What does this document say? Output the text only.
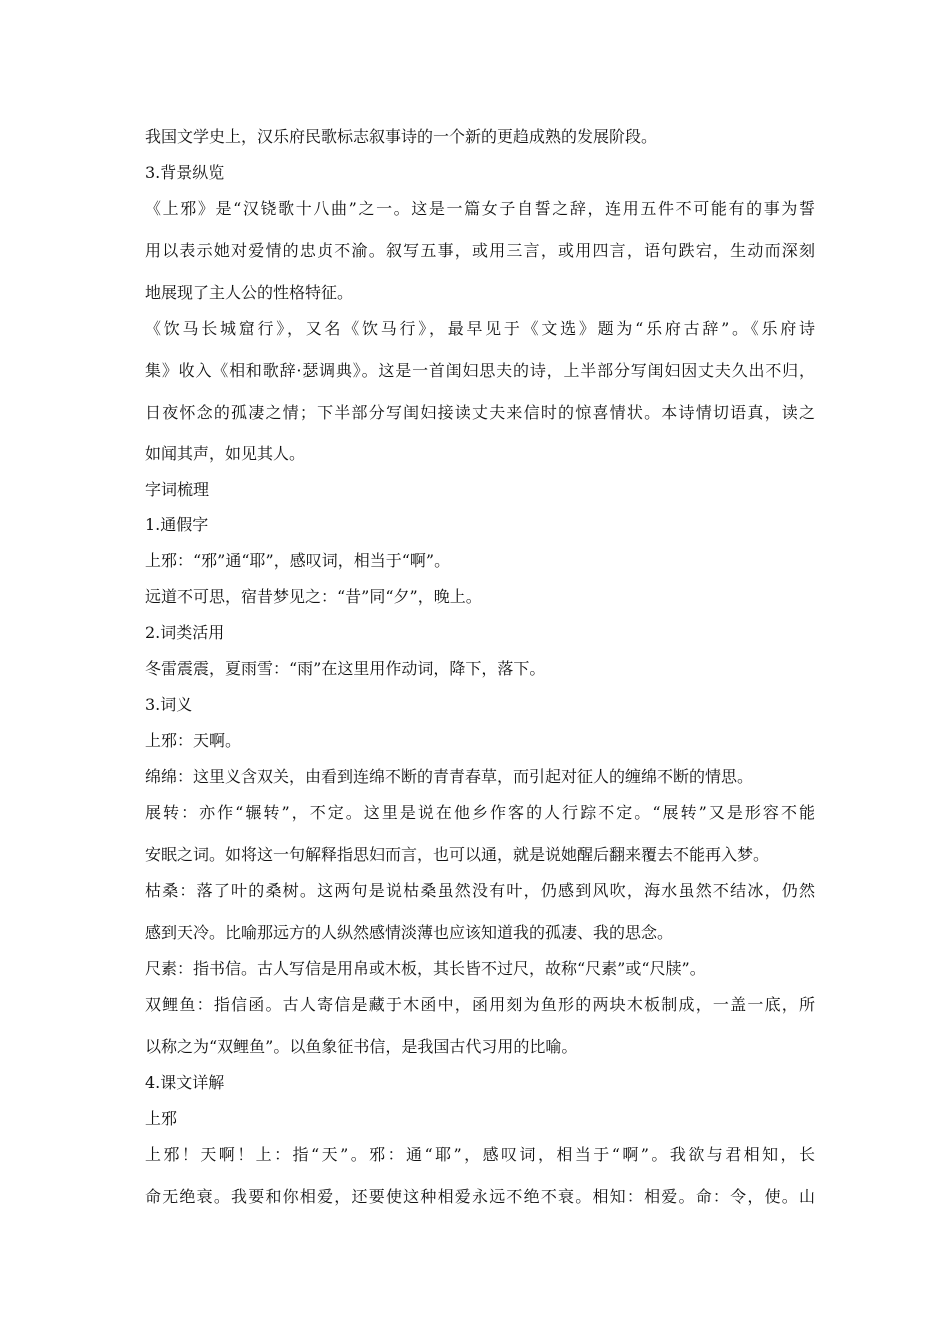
我国文学史上，汉乐府民歌标志叙事诗的一个新的更趋成熟的发展阶段。
3.背景纵览
《上邪》是“汉铙歌十八曲”之一。这是一篇女子自誓之辞，连用五件不可能有的事为誓
用以表示她对爱情的忠贞不渝。叙写五事，或用三言，或用四言，语句跌宕，生动而深刻
地展现了主人公的性格特征。
《饮马长城窟行》，又名《饮马行》，最早见于《文选》题为“乐府古辞”。《乐府诗
集》收入《相和歌辞·瑟调典》。这是一首闺妇思夫的诗，上半部分写闺妇因丈夫久出不归，
日夜怀念的孤凄之情；下半部分写闺妇接读丈夫来信时的惊喜情状。本诗情切语真，读之
如闻其声，如见其人。
字词梳理
1.通假字
上邪：“邪”通“耶”，感叹词，相当于“啊”。
远道不可思，宿昔梦见之：“昔”同“夕”，晚上。
2.词类活用
冬雷震震，夏雨雪：“雨”在这里用作动词，降下，落下。
3.词义
上邪：天啊。
绵绵：这里义含双关，由看到连绵不断的青青春草，而引起对征人的缠绵不断的情思。
展转：亦作“辗转”，不定。这里是说在他乡作客的人行踪不定。“展转”又是形容不能
安眠之词。如将这一句解释指思妇而言，也可以通，就是说她醒后翻来覆去不能再入梦。
枯桑：落了叶的桑树。这两句是说枯桑虽然没有叶，仍感到风吹，海水虽然不结冰，仍然
感到天冷。比喻那远方的人纵然感情淡薄也应该知道我的孤凄、我的思念。
尺素：指书信。古人写信是用帛或木板，其长皆不过尺，故称“尺素”或“尺牍”。
双鲤鱼：指信函。古人寄信是藏于木函中，函用刻为鱼形的两块木板制成，一盖一底，所
以称之为“双鲤鱼”。以鱼象征书信，是我国古代习用的比喻。
4.课文详解
上邪
上邪！天啊！上：指“天”。邪：通“耶”，感叹词，相当于“啊”。我欲与君相知，长
命无绝衰。我要和你相爱，还要使这种相爱永远不绝不衰。相知：相爱。命：令，使。山
